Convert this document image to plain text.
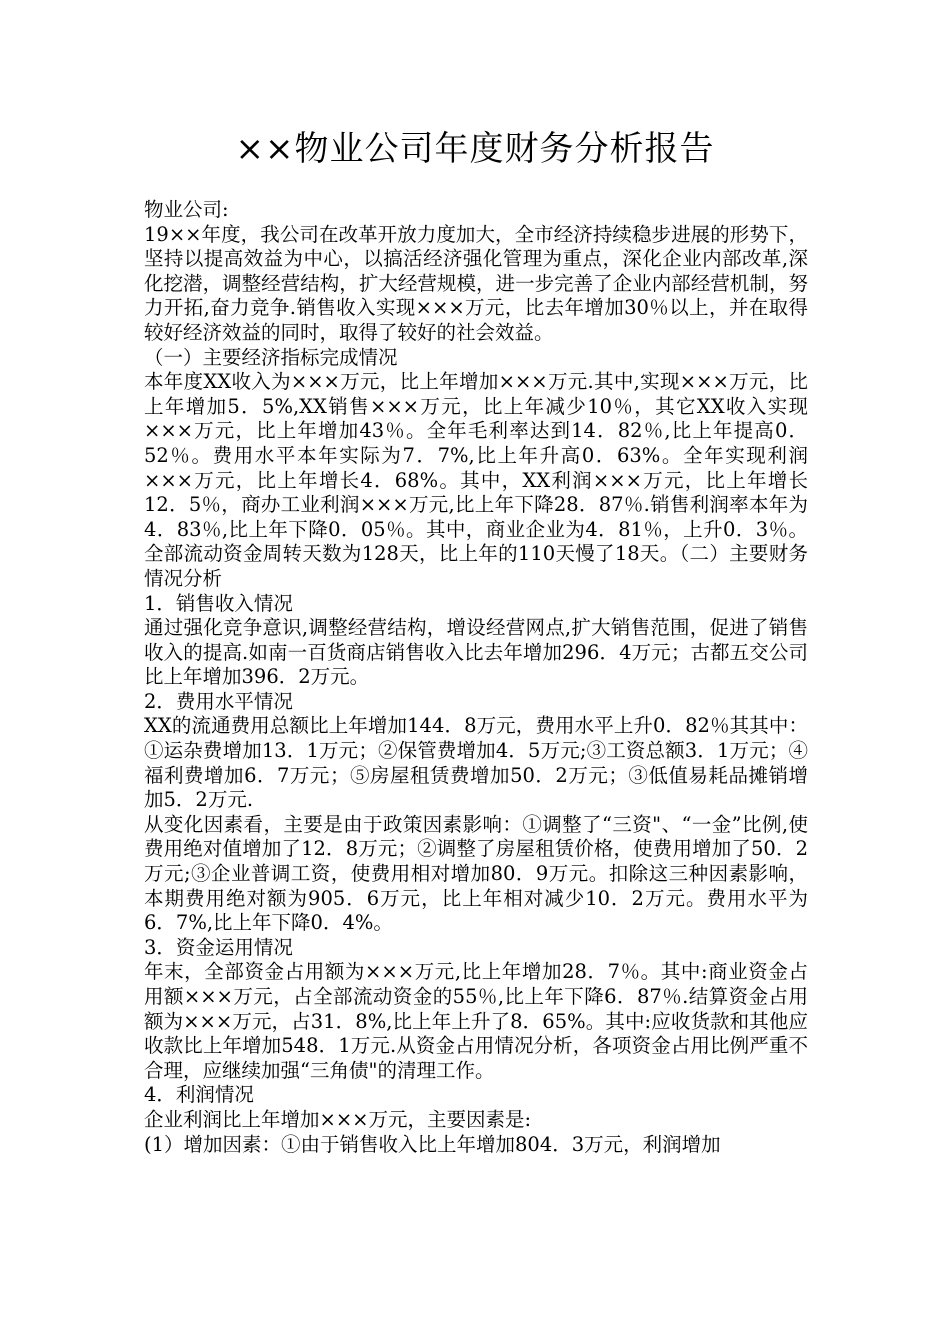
××物业公司年度财务分析报告

物业公司:

19××年度，我公司在改革开放力度加大，全市经济持续稳步进展的形势下，坚持以提高效益为中心，以搞活经济强化管理为重点，深化企业内部改革,深化挖潜，调整经营结构，扩大经营规模，进一步完善了企业内部经营机制，努力开拓,奋力竞争.销售收入实现×××万元，比去年增加30％以上，并在取得较好经济效益的同时，取得了较好的社会效益。

（一）主要经济指标完成情况

本年度XX收入为×××万元，比上年增加×××万元.其中,实现×××万元，比上年增加5．5%,XX销售×××万元，比上年减少10％，其它XX收入实现×××万元，比上年增加43％。全年毛利率达到14．82％,比上年提高0．52％。费用水平本年实际为7．7%,比上年升高0．63%。全年实现利润×××万元，比上年增长4．68%。其中，XX利润×××万元，比上年增长12．5％，商办工业利润×××万元,比上年下降28．87％.销售利润率本年为4．83％,比上年下降0．05％。其中，商业企业为4．81％，上升0．3％。全部流动资金周转天数为128天，比上年的110天慢了18天。（二）主要财务情况分析

1．销售收入情况

通过强化竞争意识,调整经营结构，增设经营网点,扩大销售范围，促进了销售收入的提高.如南一百货商店销售收入比去年增加296．4万元；古都五交公司比上年增加396．2万元。

2．费用水平情况

XX的流通费用总额比上年增加144．8万元，费用水平上升0．82％其其中：①运杂费增加13．1万元；②保管费增加4．5万元;③工资总额3．1万元；④福利费增加6．7万元；⑤房屋租赁费增加50．2万元；③低值易耗品摊销增加5．2万元.

从变化因素看，主要是由于政策因素影响：①调整了“三资"、“一金”比例,使费用绝对值增加了12．8万元；②调整了房屋租赁价格，使费用增加了50．2万元;③企业普调工资，使费用相对增加80．9万元。扣除这三种因素影响，本期费用绝对额为905．6万元，比上年相对减少10．2万元。费用水平为6．7%,比上年下降0．4%。

3．资金运用情况

年末，全部资金占用额为×××万元,比上年增加28．7％。其中:商业资金占用额×××万元，占全部流动资金的55％,比上年下降6．87％.结算资金占用额为×××万元，占31．8%,比上年上升了8．65%。其中:应收货款和其他应收款比上年增加548．1万元.从资金占用情况分析，各项资金占用比例严重不合理，应继续加强“三角债"的清理工作。

4．利润情况

企业利润比上年增加×××万元，主要因素是:

(1）增加因素：①由于销售收入比上年增加804．3万元，利润增加
